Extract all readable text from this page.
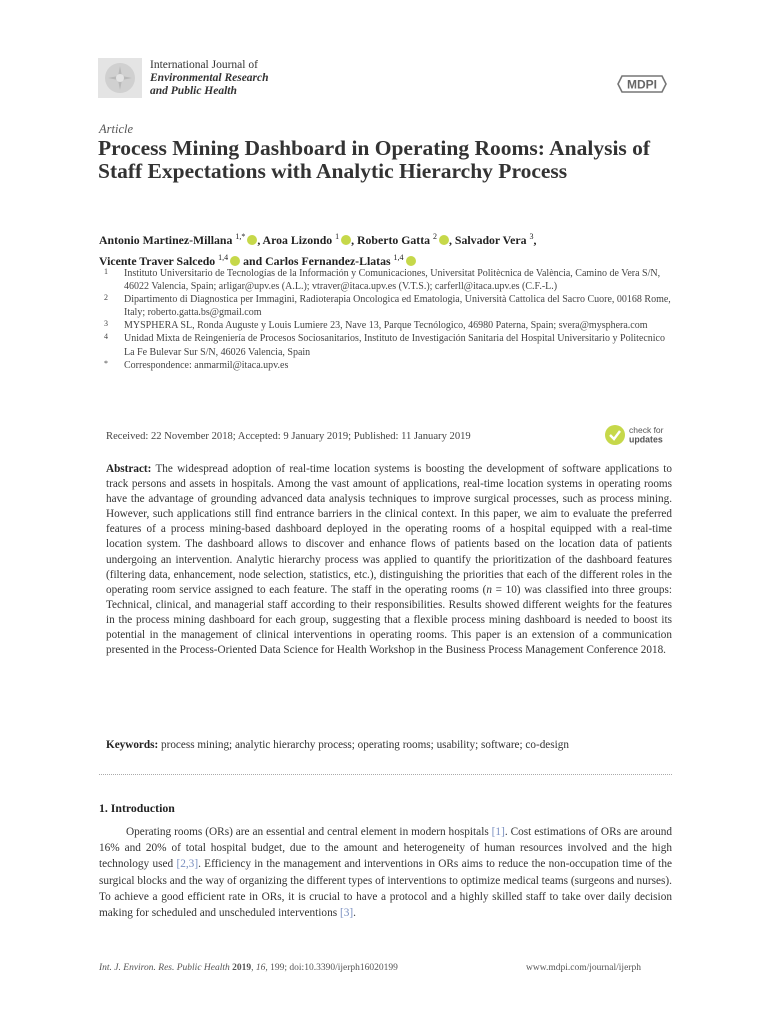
International Journal of
Environmental Research
and Public Health	MDPI
Article
Process Mining Dashboard in Operating Rooms: Analysis of Staff Expectations with Analytic Hierarchy Process
Antonio Martinez-Millana $^{1,*}$ , Aroa Lizondo $^1$ , Roberto Gatta $^2$ , Salvador Vera $^3$,
Vicente Traver Salcedo $^{1,4}$ and Carlos Fernandez-Llatas $^{1,4}$
1	Instituto Universitario de Tecnologías de la Información y Comunicaciones, Universitat Politècnica de València, Camino de Vera S/N, 46022 Valencia, Spain; arligar@upv.es (A.L.); vtraver@itaca.upv.es (V.T.S.); carferll@itaca.upv.es (C.F.-L.)
2	Dipartimento di Diagnostica per Immagini, Radioterapia Oncologica ed Ematologia, Università Cattolica del Sacro Cuore, 00168 Rome, Italy; roberto.gatta.bs@gmail.com
3	MYSPHERA SL, Ronda Auguste y Louis Lumiere 23, Nave 13, Parque Tecnólogico, 46980 Paterna, Spain; svera@mysphera.com
4	Unidad Mixta de Reingeniería de Procesos Sociosanitarios, Instituto de Investigación Sanitaria del Hospital Universitario y Politecnico La Fe Bulevar Sur S/N, 46026 Valencia, Spain
*	Correspondence: anmarmil@itaca.upv.es
Received: 22 November 2018; Accepted: 9 January 2019; Published: 11 January 2019
check for
updates
Abstract: The widespread adoption of real-time location systems is boosting the development of software applications to track persons and assets in hospitals. Among the vast amount of applications, real-time location systems in operating rooms have the advantage of grounding advanced data analysis techniques to improve surgical processes, such as process mining. However, such applications still find entrance barriers in the clinical context. In this paper, we aim to evaluate the preferred features of a process mining-based dashboard deployed in the operating rooms of a hospital equipped with a real-time location system. The dashboard allows to discover and enhance flows of patients based on the location data of patients undergoing an intervention. Analytic hierarchy process was applied to quantify the prioritization of the dashboard features (filtering data, enhancement, node selection, statistics, etc.), distinguishing the priorities that each of the different roles in the operating room service assigned to each feature. The staff in the operating rooms (n = 10) was classified into three groups: Technical, clinical, and managerial staff according to their responsibilities. Results showed different weights for the features in the process mining dashboard for each group, suggesting that a flexible process mining dashboard is needed to boost its potential in the management of clinical interventions in operating rooms. This paper is an extension of a communication presented in the Process-Oriented Data Science for Health Workshop in the Business Process Management Conference 2018.
Keywords: process mining; analytic hierarchy process; operating rooms; usability; software; co-design
1. Introduction
Operating rooms (ORs) are an essential and central element in modern hospitals [1]. Cost estimations of ORs are around 16% and 20% of total hospital budget, due to the amount and heterogeneity of human resources involved and the high technology used [2,3]. Efficiency in the management and interventions in ORs aims to reduce the non-occupation time of the surgical blocks and the way of organizing the different types of interventions to optimize medical teams (surgeons and nurses). To achieve a good efficient rate in ORs, it is crucial to have a protocol and a highly skilled staff to take over daily decision making for scheduled and unscheduled interventions [3].
Int. J. Environ. Res. Public Health 2019, 16, 199; doi:10.3390/ijerph16020199	www.mdpi.com/journal/ijerph
